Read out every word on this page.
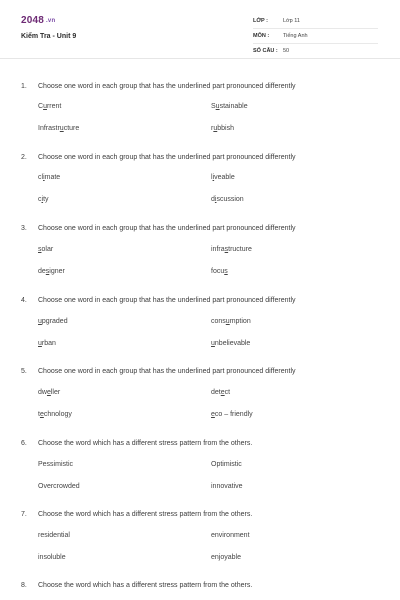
2048 .vn
Kiểm Tra - Unit 9
LỚP :	Lớp 11
MÔN :	Tiếng Anh
SỐ CÂU : 50
1.	Choose one word in each group that has the underlined part pronounced differently
Current	Sustainable
Infrastructure	rubbish
2.	Choose one word in each group that has the underlined part pronounced differently
climate	liveable
city	discussion
3.	Choose one word in each group that has the underlined part pronounced differently
solar	infrastructure
designer	focus
4.	Choose one word in each group that has the underlined part pronounced differently
upgraded	consumption
urban	unbelievable
5.	Choose one word in each group that has the underlined part pronounced differently
dweller	detect
technology	eco – friendly
6.	Choose the word which has a different stress pattern from the others.
Pessimistic	Optimistic
Overcrowded	innovative
7.	Choose the word which has a different stress pattern from the others.
residential	environment
insoluble	enjoyable
8.	Choose the word which has a different stress pattern from the others.
